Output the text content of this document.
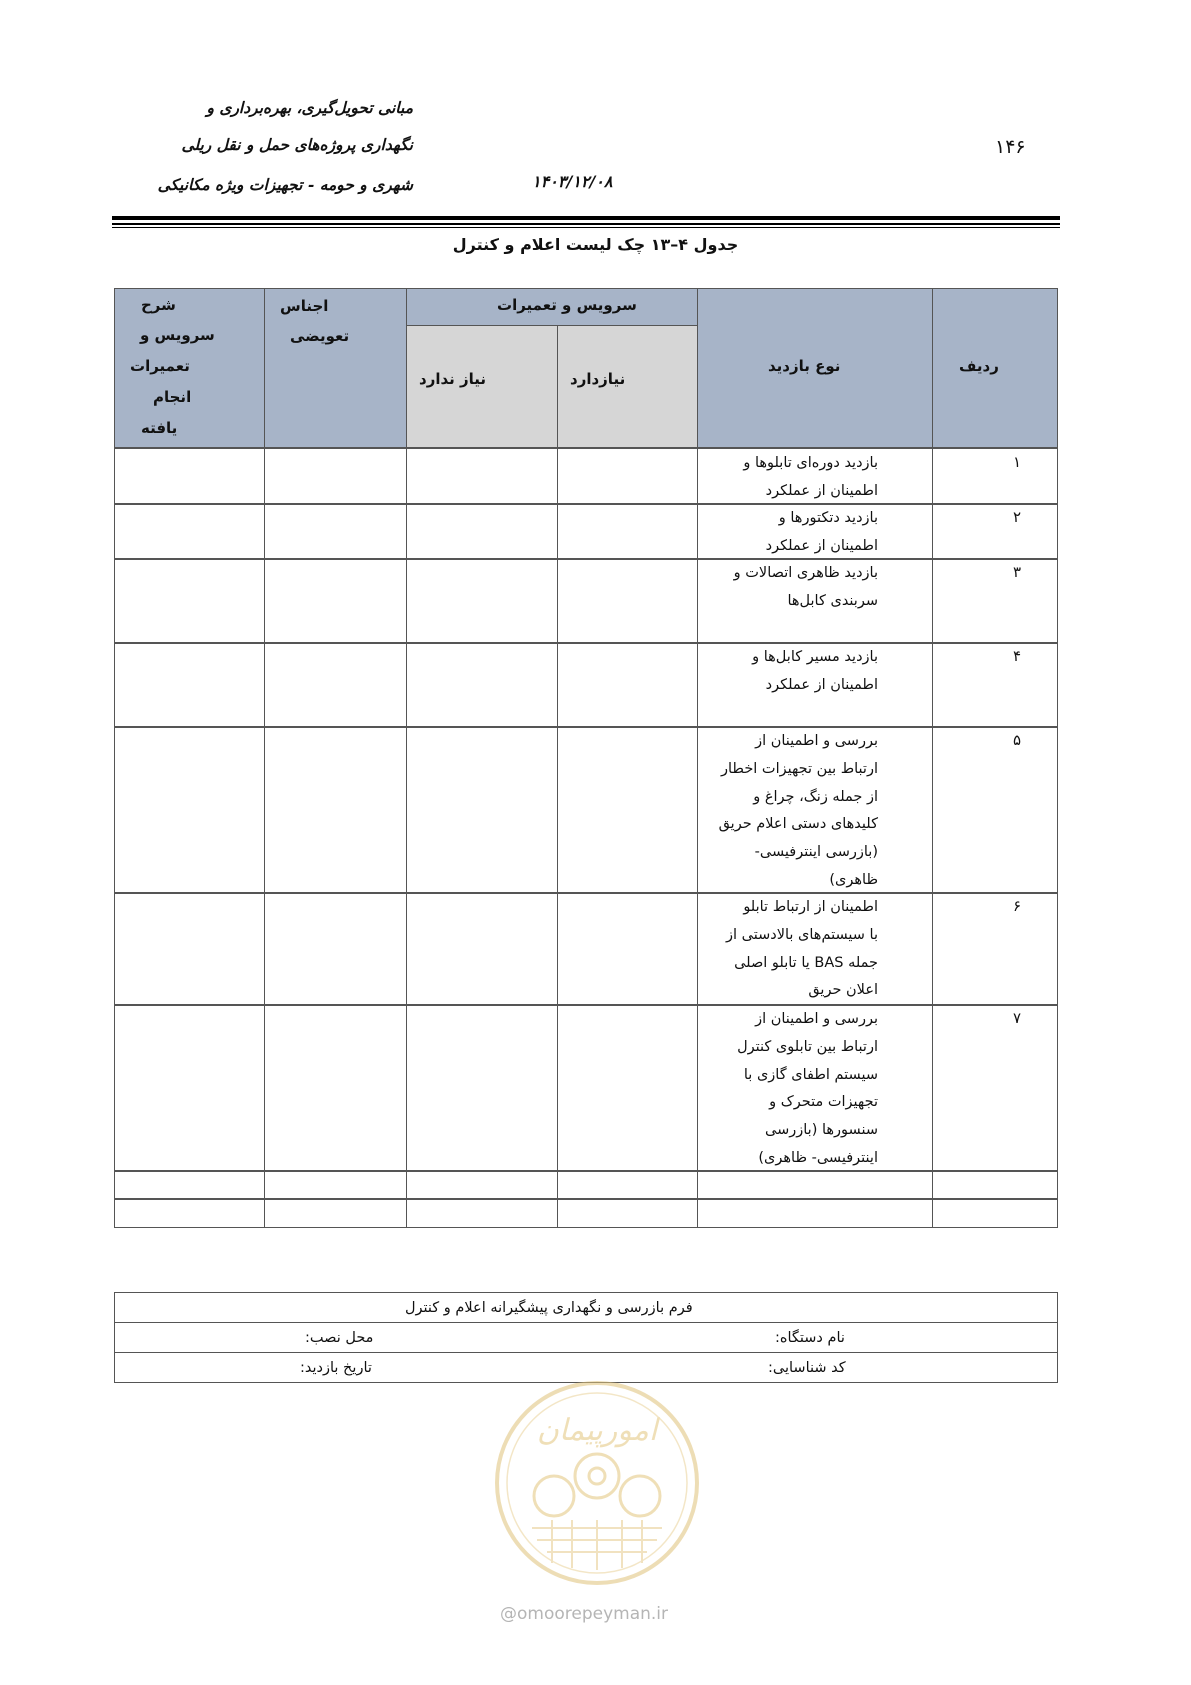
مبانی تحویل‌گیری، بهره‌برداری و
نگهداری پروژه‌های حمل و نقل ریلی
شهری و حومه - تجهیزات ویژه مکانیکی	۱۴۰۳/۱۲/۰۸
۱۴۶
جدول ۴–۱۳ چک لیست اعلام و کنترل
ردیف
نوع بازدید
سرویس و تعمیرات
نیازدارد
نیاز ندارد
اجناس
تعویضی
شرح
سرویس و
تعمیرات
انجام
یافته
۱
بازدید دوره‌ای تابلوها و
اطمینان از عملکرد
۲
بازدید دتکتورها و
اطمینان از عملکرد
۳
بازدید ظاهری اتصالات و
سربندی کابل‌ها
۴
بازدید مسیر کابل‌ها و
اطمینان از عملکرد
۵
بررسی و اطمینان از
ارتباط بین تجهیزات اخطار
از جمله زنگ، چراغ و
کلیدهای دستی اعلام حریق
(بازرسی اینترفیسی-
ظاهری)
۶
اطمینان از ارتباط تابلو
با سیستم‌های بالادستی از
جمله BAS یا تابلو اصلی
اعلان حریق
۷
بررسی و اطمینان از
ارتباط بین تابلوی کنترل
سیستم اطفای گازی با
تجهیزات متحرک و
سنسورها (بازرسی
اینترفیسی- ظاهری)
فرم بازرسی و نگهداری پیشگیرانه اعلام و کنترل
نام دستگاه:
محل نصب:
کد شناسایی:
تاریخ بازدید:
امورپیمان
@omoorepeyman.ir
